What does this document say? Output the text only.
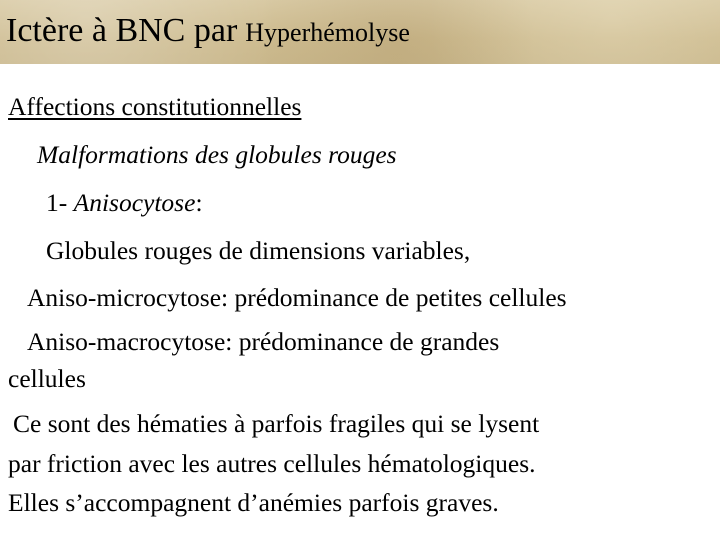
Ictère à BNC par Hyperhémolyse

Affections constitutionnelles

Malformations des globules rouges

1- Anisocytose:

Globules rouges de dimensions variables,

Aniso-microcytose: prédominance de petites cellules

Aniso-macrocytose: prédominance de grandes

cellules

Ce sont des hématies à parfois fragiles qui se lysent

par friction avec les autres cellules hématologiques.

Elles s’accompagnent d’anémies parfois graves.
